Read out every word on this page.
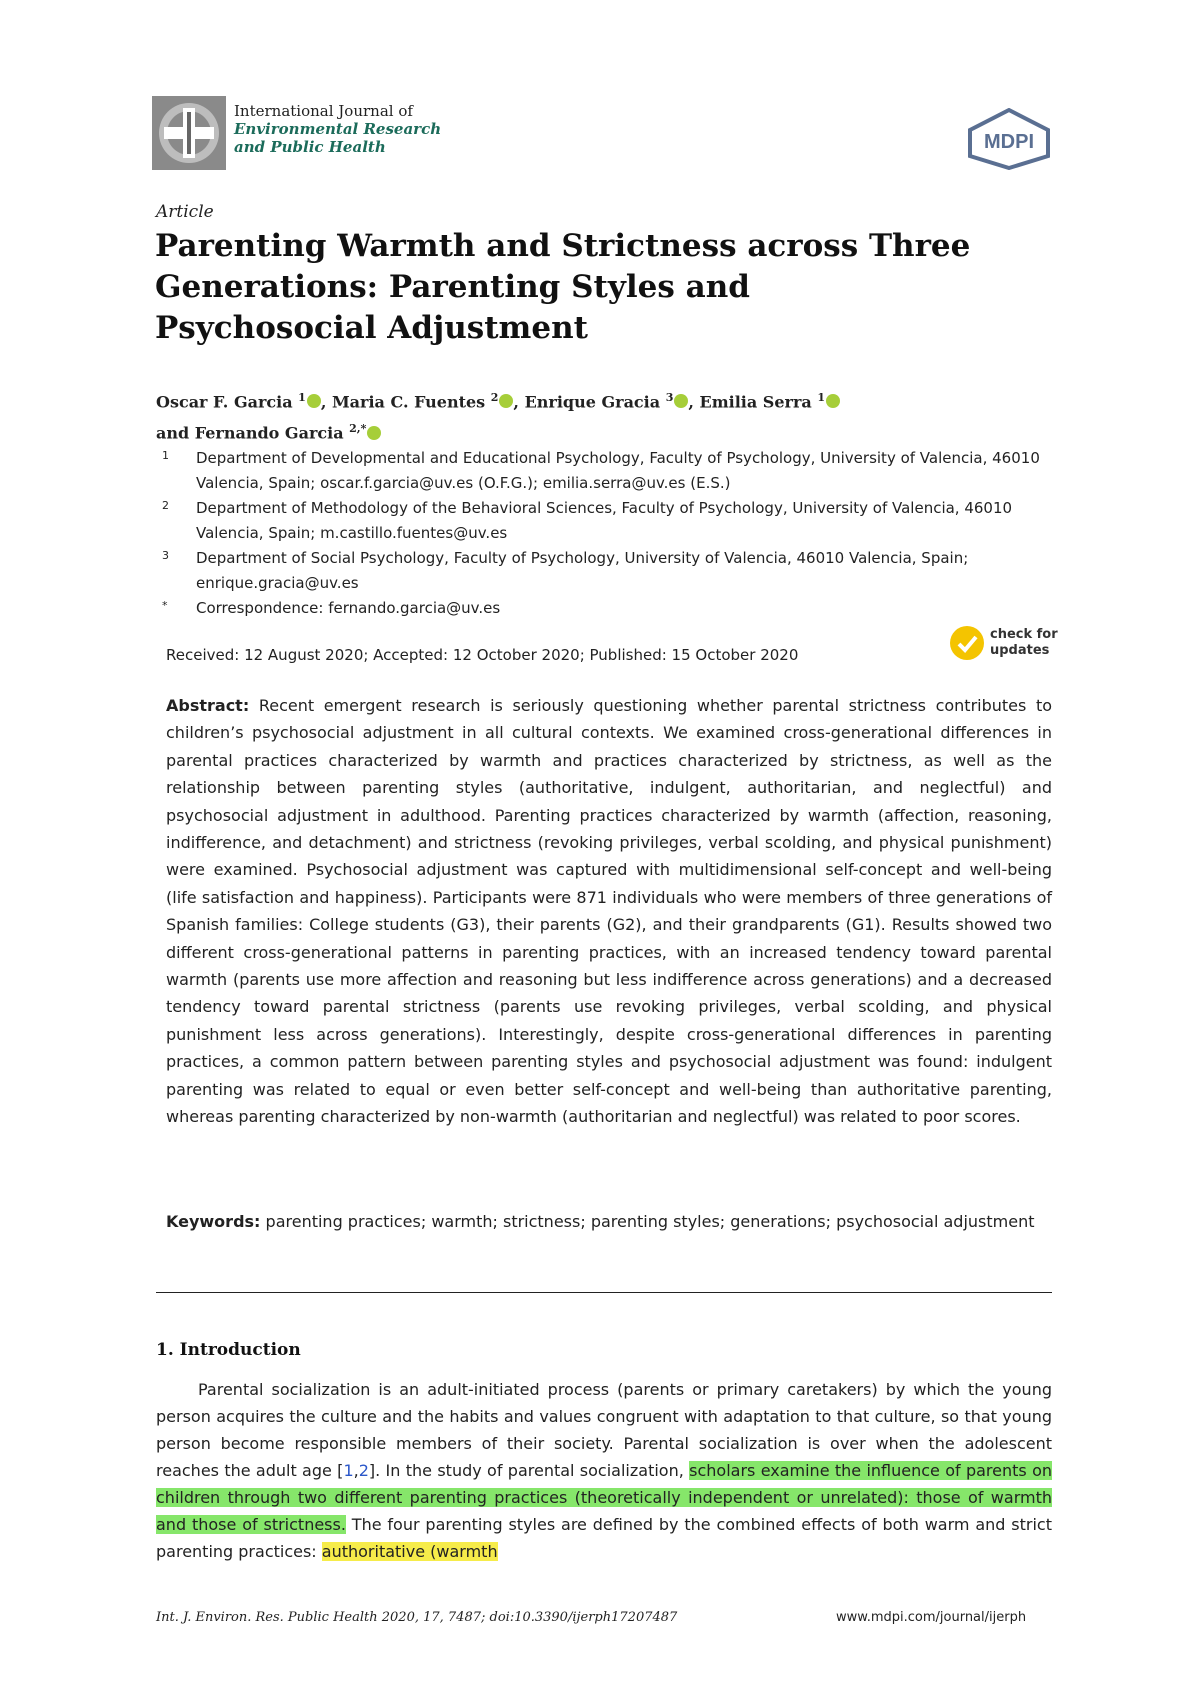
International Journal of
Environmental Research
and Public Health	MDPI
Article
Parenting Warmth and Strictness across Three Generations: Parenting Styles and Psychosocial Adjustment
Oscar F. Garcia $^1$ , Maria C. Fuentes $^2$ , Enrique Gracia $^3$ , Emilia Serra $^1$
and Fernando Garcia $^{2,*}$
1 Department of Developmental and Educational Psychology, Faculty of Psychology, University of Valencia, 46010 Valencia, Spain; oscar.f.garcia@uv.es (O.F.G.); emilia.serra@uv.es (E.S.)
2 Department of Methodology of the Behavioral Sciences, Faculty of Psychology, University of Valencia, 46010 Valencia, Spain; m.castillo.fuentes@uv.es
3 Department of Social Psychology, Faculty of Psychology, University of Valencia, 46010 Valencia, Spain; enrique.gracia@uv.es
* Correspondence: fernando.garcia@uv.es
Received: 12 August 2020; Accepted: 12 October 2020; Published: 15 October 2020
check for
updates
Abstract: Recent emergent research is seriously questioning whether parental strictness contributes to children’s psychosocial adjustment in all cultural contexts. We examined cross-generational differences in parental practices characterized by warmth and practices characterized by strictness, as well as the relationship between parenting styles (authoritative, indulgent, authoritarian, and neglectful) and psychosocial adjustment in adulthood. Parenting practices characterized by warmth (affection, reasoning, indifference, and detachment) and strictness (revoking privileges, verbal scolding, and physical punishment) were examined. Psychosocial adjustment was captured with multidimensional self-concept and well-being (life satisfaction and happiness). Participants were 871 individuals who were members of three generations of Spanish families: College students (G3), their parents (G2), and their grandparents (G1). Results showed two different cross-generational patterns in parenting practices, with an increased tendency toward parental warmth (parents use more affection and reasoning but less indifference across generations) and a decreased tendency toward parental strictness (parents use revoking privileges, verbal scolding, and physical punishment less across generations). Interestingly, despite cross-generational differences in parenting practices, a common pattern between parenting styles and psychosocial adjustment was found: indulgent parenting was related to equal or even better self-concept and well-being than authoritative parenting, whereas parenting characterized by non-warmth (authoritarian and neglectful) was related to poor scores.
Keywords: parenting practices; warmth; strictness; parenting styles; generations; psychosocial adjustment
1. Introduction
Parental socialization is an adult-initiated process (parents or primary caretakers) by which the young person acquires the culture and the habits and values congruent with adaptation to that culture, so that young person become responsible members of their society. Parental socialization is over when the adolescent reaches the adult age [1,2]. In the study of parental socialization, scholars examine the influence of parents on children through two different parenting practices (theoretically independent or unrelated): those of warmth and those of strictness. The four parenting styles are defined by the combined effects of both warm and strict parenting practices: authoritative (warmth
Int. J. Environ. Res. Public Health 2020, 17, 7487; doi:10.3390/ijerph17207487	www.mdpi.com/journal/ijerph
